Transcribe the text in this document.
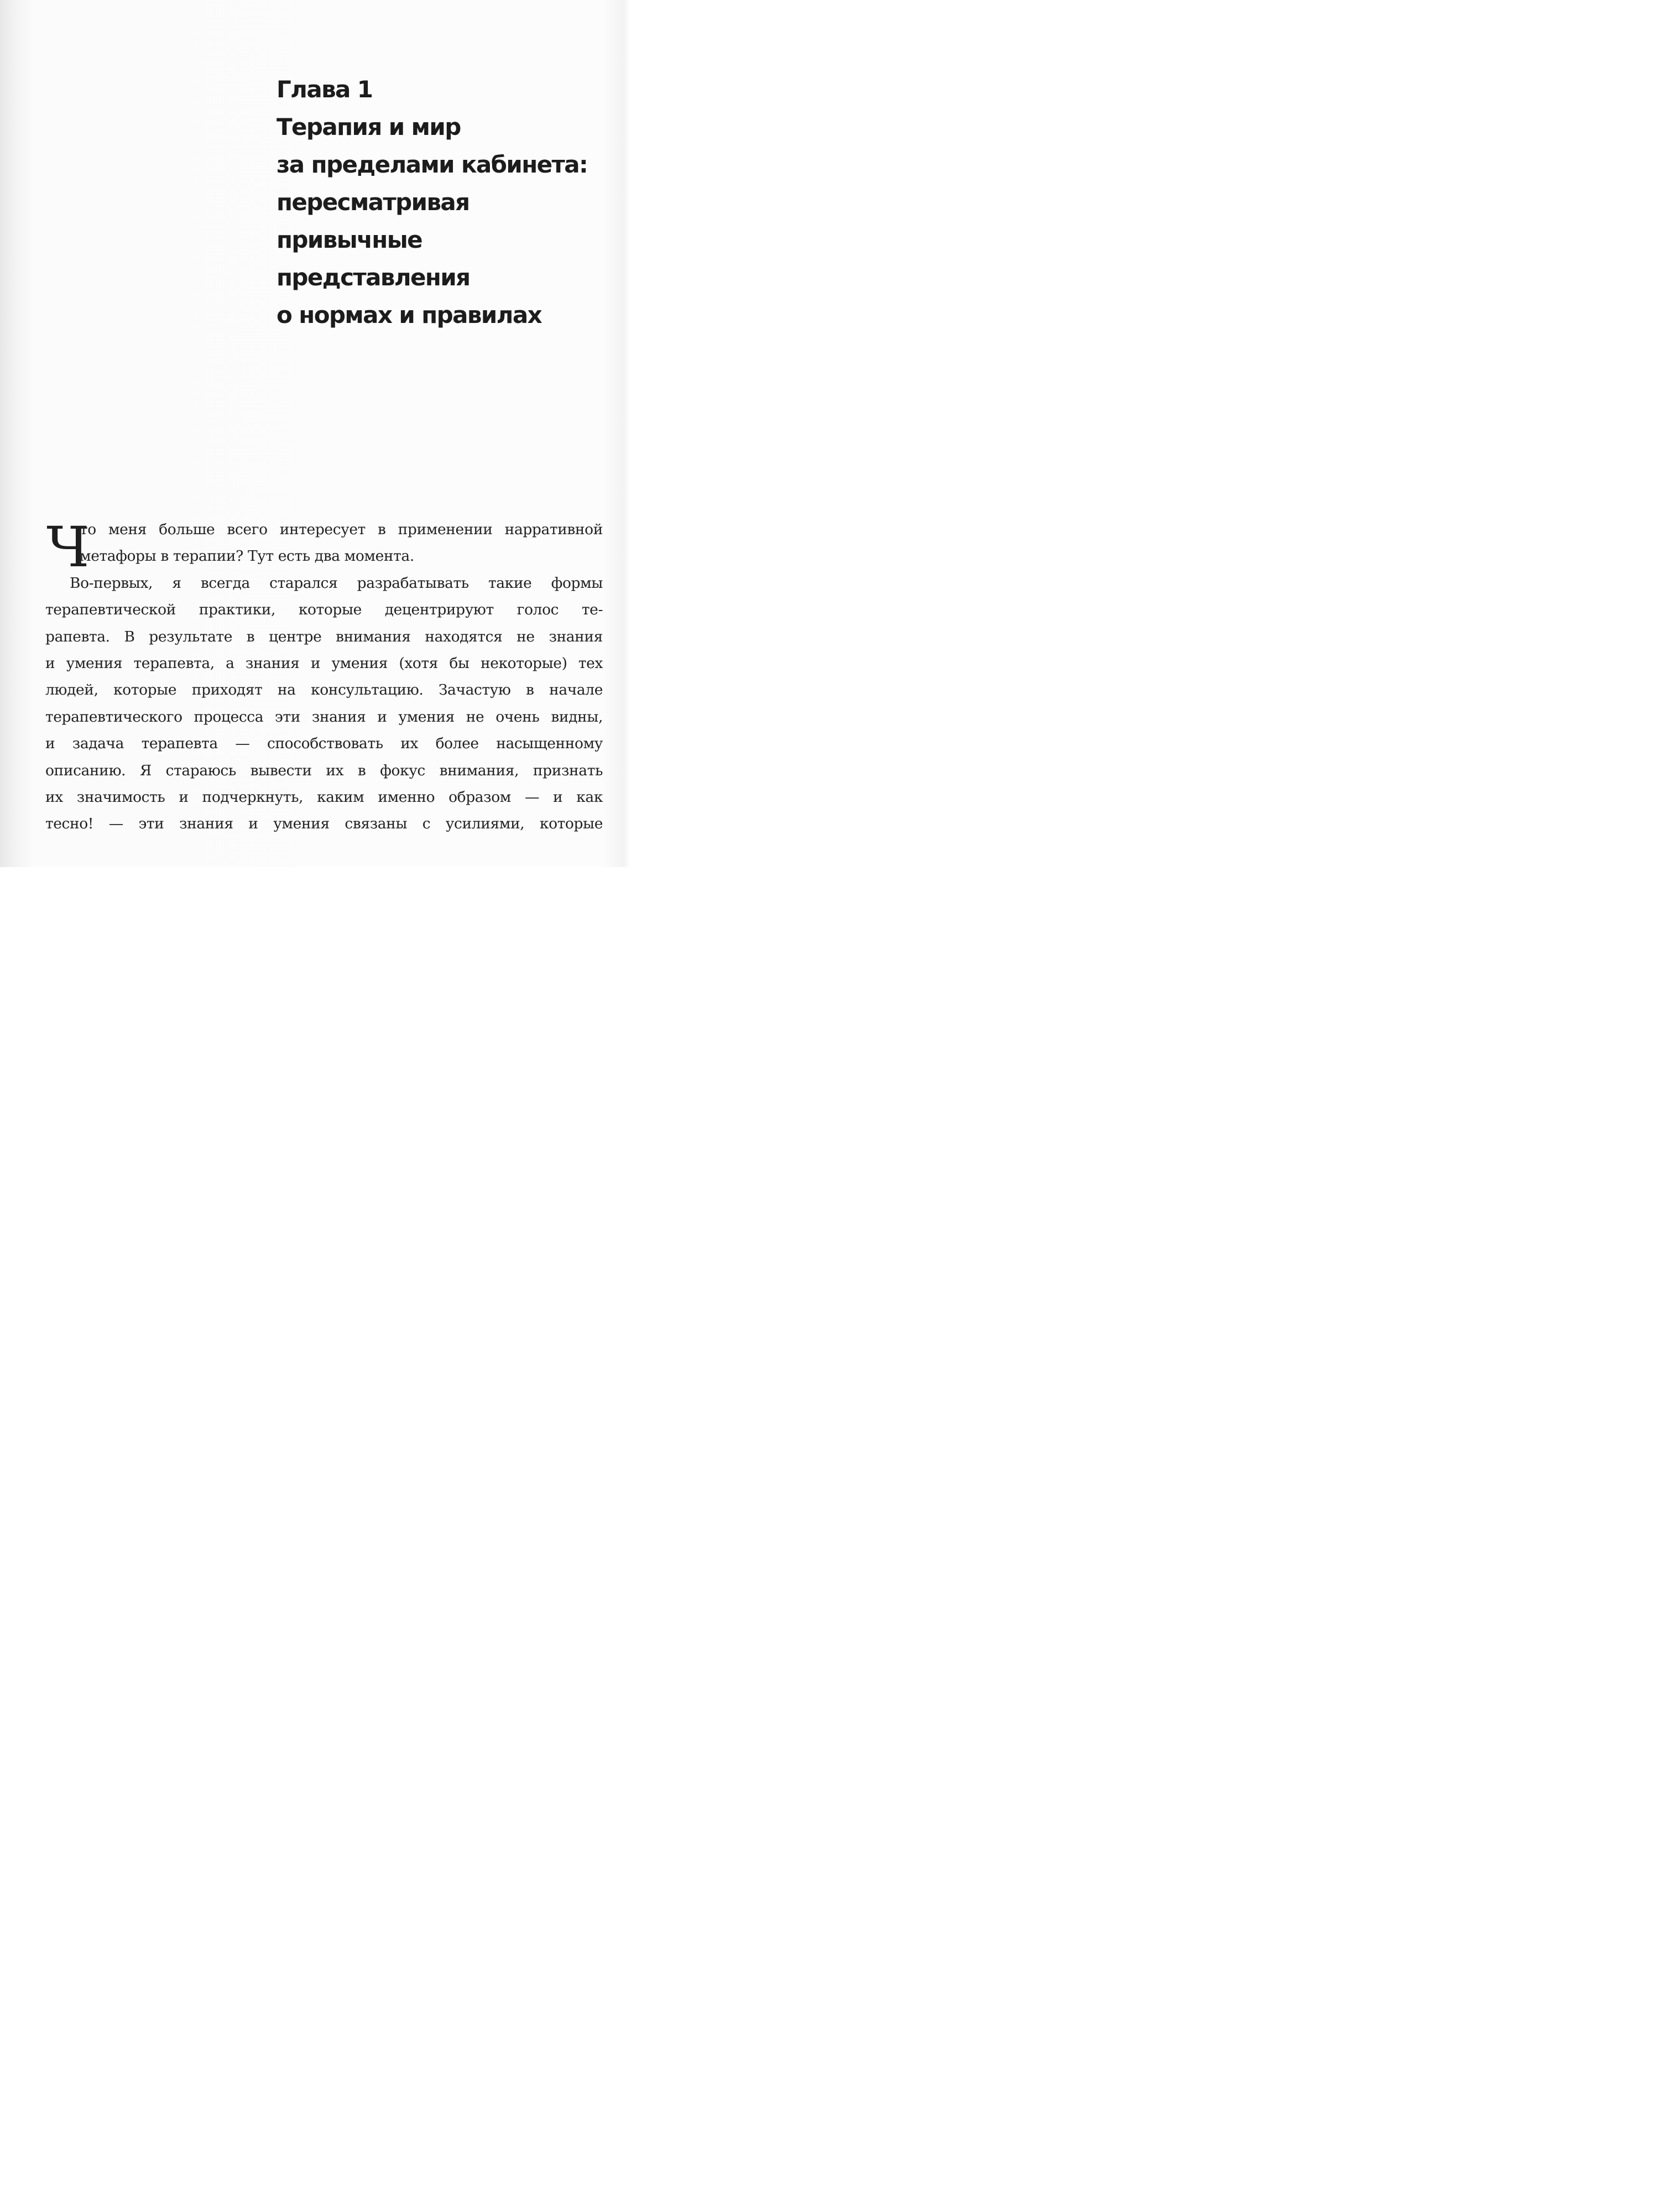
Глава 1
Терапия и мир
за пределами кабинета:
пересматривая
привычные
представления
о нормах и правилах
Ч
то меня больше всего интересует в применении нарративной
метафоры в терапии? Тут есть два момента.
Во-первых, я всегда старался разрабатывать такие формы
терапевтической практики, которые децентрируют голос те-
рапевта. В результате в центре внимания находятся не знания
и умения терапевта, а знания и умения (хотя бы некоторые) тех
людей, которые приходят на консультацию. Зачастую в начале
терапевтического процесса эти знания и умения не очень видны,
и задача терапевта — способствовать их более насыщенному
описанию. Я стараюсь вывести их в фокус внимания, признать
их значимость и подчеркнуть, каким именно образом — и как
тесно! — эти знания и умения связаны с усилиями, которые
